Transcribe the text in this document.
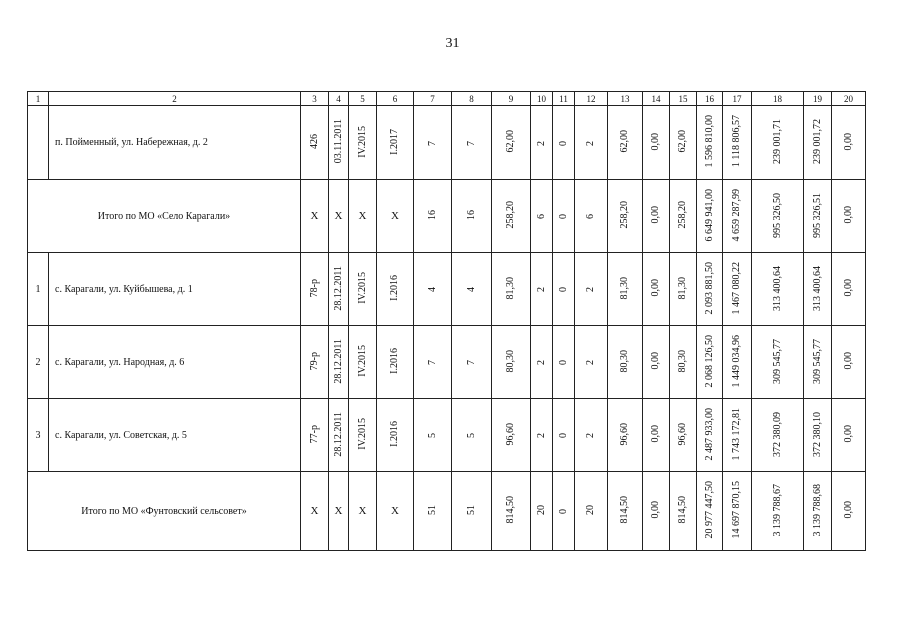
31
1	2	3	4	5	6	7	8	9	10	11	12	13	14	15	16	17	18	19	20
	п. Пойменный, ул. Набережная, д. 2	426	03.11.2011	IV.2015	I.2017	7	7	62,00	2	0	2	62,00	0,00	62,00	1 596 810,00	1 118 806,57	239 001,71	239 001,72	0,00
Итого по МО «Село Карагали»		X	X	X	X	16	16	258,20	6	0	6	258,20	0,00	258,20	6 649 941,00	4 659 287,99	995 326,50	995 326,51	0,00
1	с. Карагали, ул. Куйбышева, д. 1	78-р	28.12.2011	IV.2015	I.2016	4	4	81,30	2	0	2	81,30	0,00	81,30	2 093 881,50	1 467 080,22	313 400,64	313 400,64	0,00
2	с. Карагали, ул. Народная, д. 6	79-р	28.12.2011	IV.2015	I.2016	7	7	80,30	2	0	2	80,30	0,00	80,30	2 068 126,50	1 449 034,96	309 545,77	309 545,77	0,00
3	с. Карагали, ул. Советская, д. 5	77-р	28.12.2011	IV.2015	I.2016	5	5	96,60	2	0	2	96,60	0,00	96,60	2 487 933,00	1 743 172,81	372 380,09	372 380,10	0,00
Итого по МО «Фунтовский сельсовет»		X	X	X	X	51	51	814,50	20	0	20	814,50	0,00	814,50	20 977 447,50	14 697 870,15	3 139 788,67	3 139 788,68	0,00
